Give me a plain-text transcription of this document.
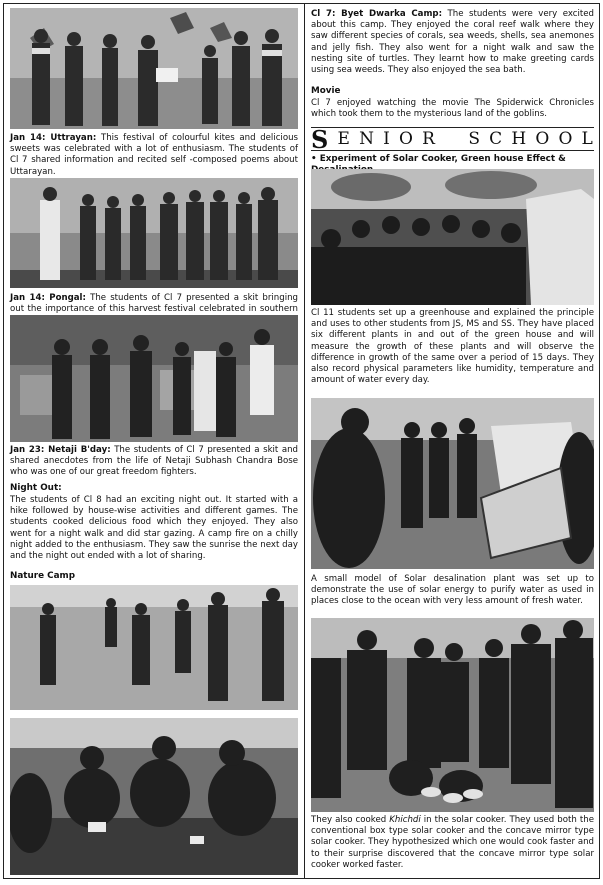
Jan 14: Uttrayan: This festival of colourful kites and delicious sweets was celebrated with a lot of enthusiasm. The students of Cl 7 shared information and recited self -composed poems about Uttarayan.

Jan 14: Pongal: The students of Cl 7 presented a skit bringing out the importance of this harvest festival celebrated in southern

Jan 23: Netaji B'day: The students of Cl 7 presented a skit and shared anecdotes from the life of Netaji Subhash Chandra Bose who was one of our great freedom fighters.

Night Out:

The students of Cl 8 had an exciting night out. It started with a hike followed by house-wise activities and different games. The students cooked delicious food which they enjoyed. They also went for a night walk and did star gazing. A camp fire on a chilly night added to the enthusiasm. They saw the sunrise the next day and the night out ended with a lot of sharing.

Nature Camp

Cl 7: Byet Dwarka Camp: The students were very excited about this camp. They enjoyed the coral reef walk where they saw different species of corals, sea weeds, shells, sea anemones and jelly fish. They also went for a night walk and saw the nesting site of turtles. They learnt how to make greeting cards using sea weeds. They also enjoyed the sea bath.

Movie

Cl 7 enjoyed watching the movie The Spiderwick Chronicles which took them to the mysterious land of the goblins.

S E N I O R S C H O O L
• Experiment of Solar Cooker, Green house Effect &

Cl 11 students set up a greenhouse and explained the principle and uses to other students from JS, MS and SS. They have placed six different plants in and out of the green house and will measure the growth of these plants and will observe the difference in growth of the same over a period of 15 days. They also record physical parameters like humidity, temperature and amount of water every day.

A small model of Solar desalination plant was set up to demonstrate the use of solar energy to purify water as used in places close to the ocean with very less amount of fresh water.

They also cooked Khichdi in the solar cooker. They used both the conventional box type solar cooker and the concave mirror type solar cooker. They hypothesized which one would cook faster and to their surprise discovered that the concave mirror type solar cooker worked faster.
